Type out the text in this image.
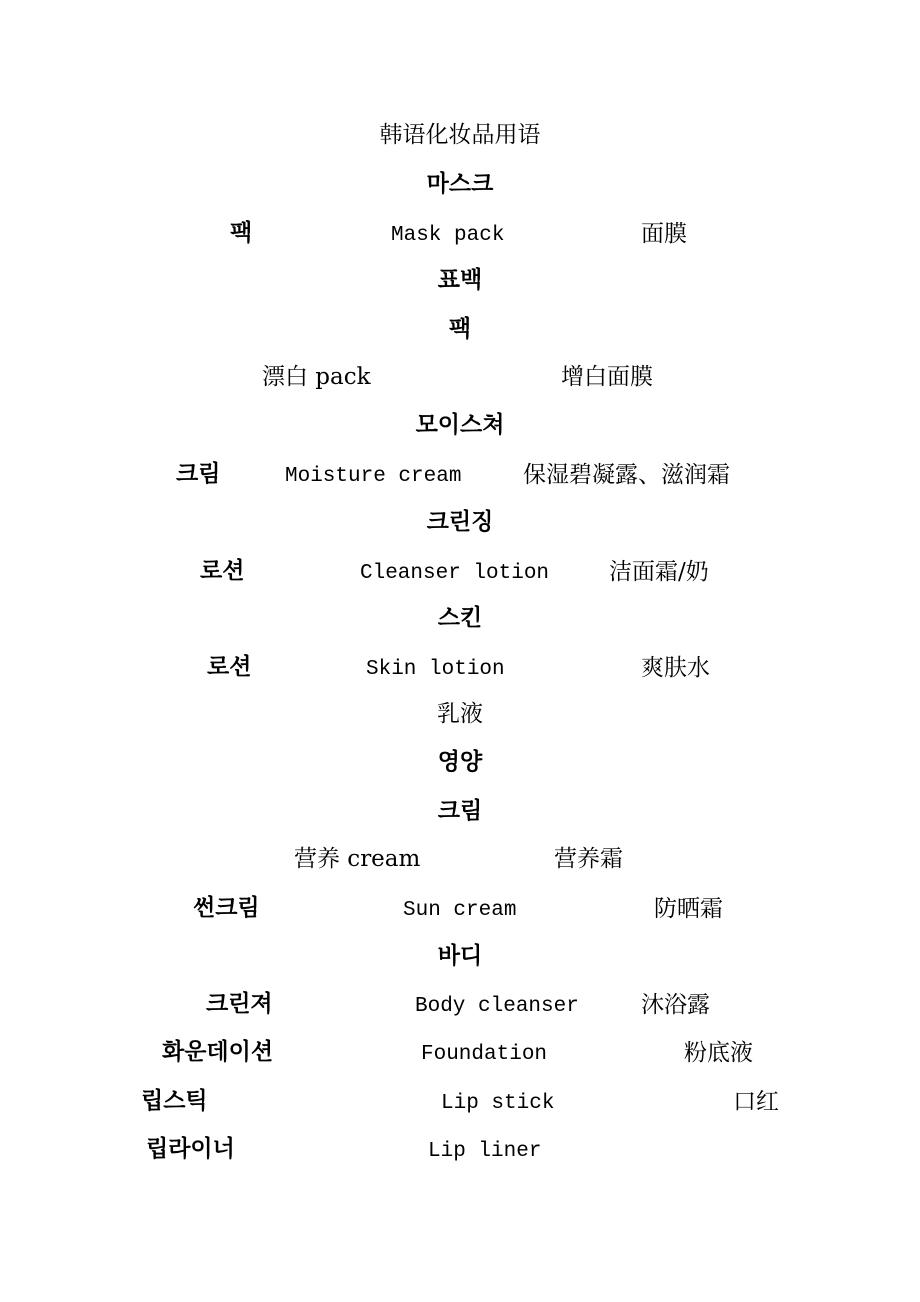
韩语化妆品用语
마스크
팩	Mask pack	面膜
표백
팩
漂白 pack	增白面膜
모이스쳐
크림	Moisture cream	保湿碧凝露、滋润霜
크린징
로션	Cleanser lotion	洁面霜/奶
스킨
로션	Skin lotion	爽肤水
乳液
영양
크림
营养 cream	营养霜
썬크림	Sun cream	防晒霜
바디
크린져	Body cleanser	沐浴露
화운데이션	Foundation	粉底液
립스틱	Lip stick	口红
립라이너	Lip liner
